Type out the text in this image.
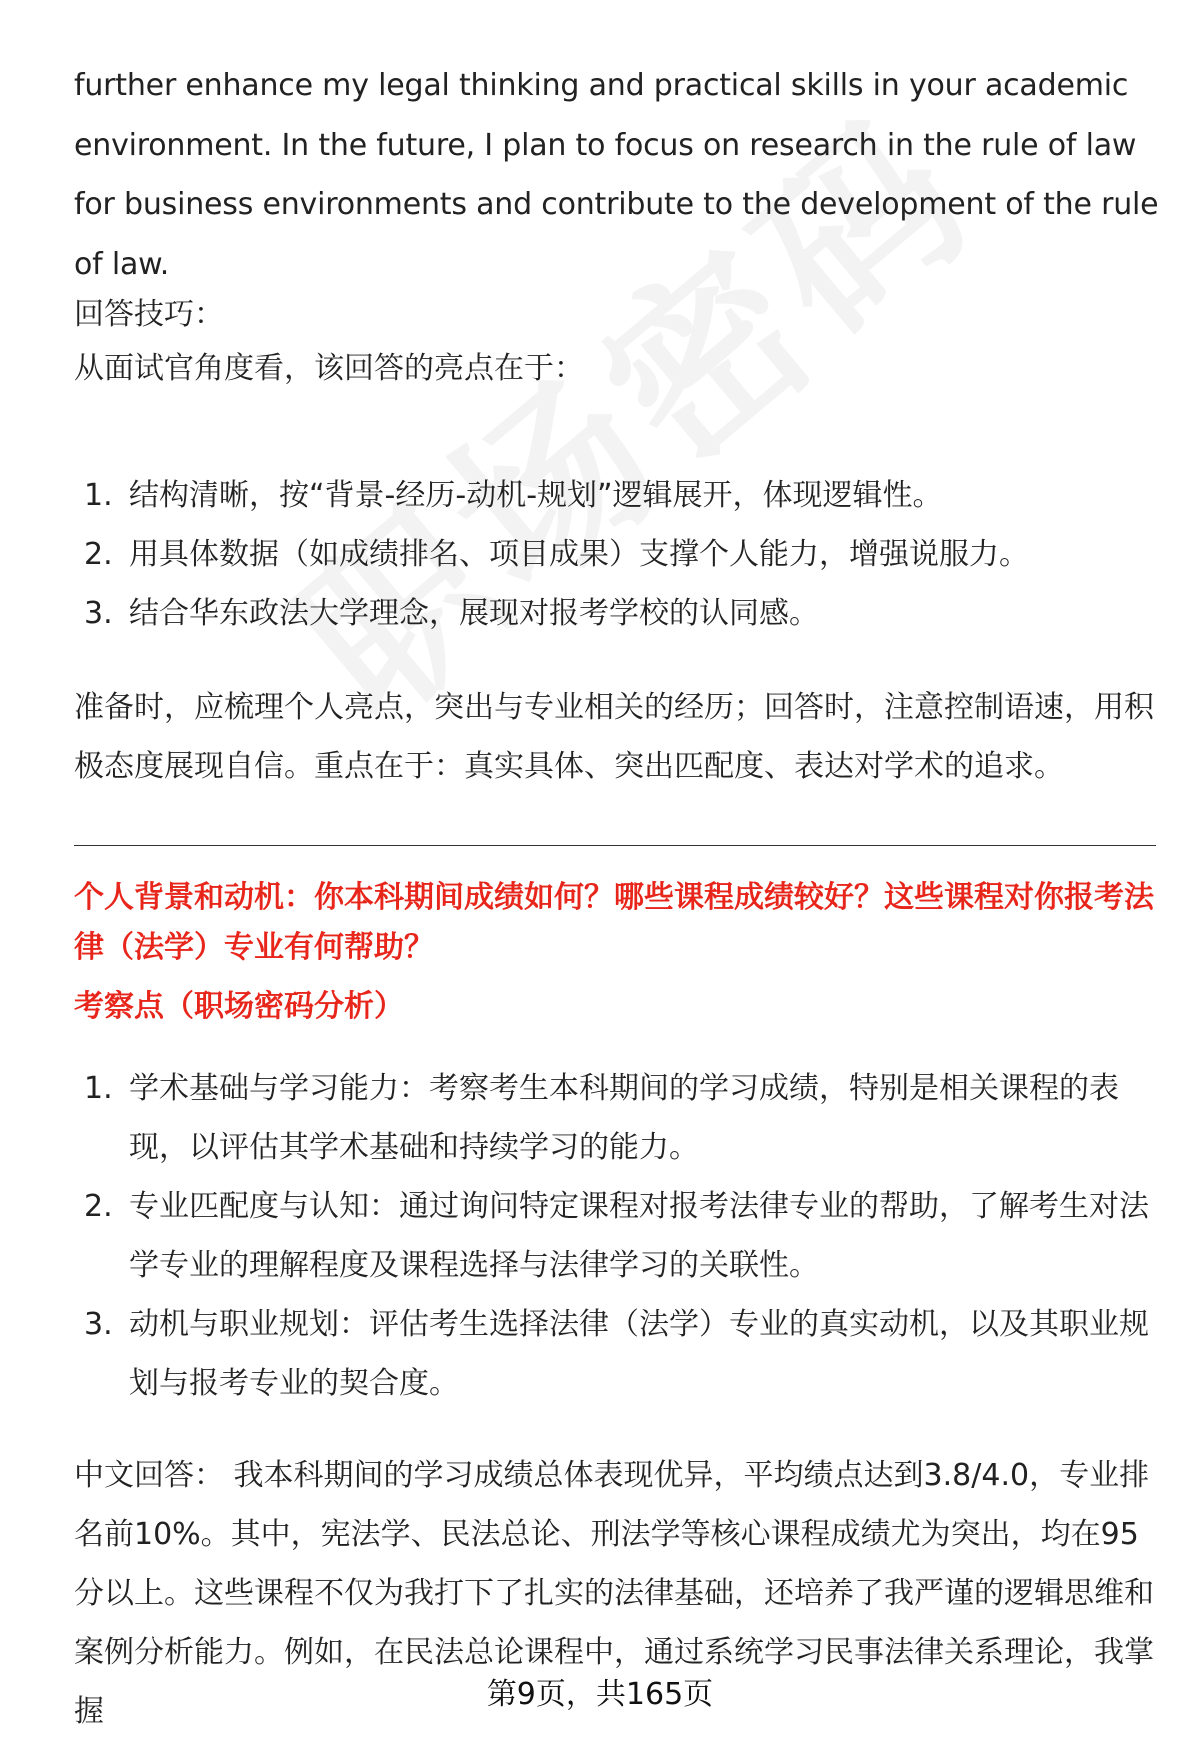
further enhance my legal thinking and practical skills in your academic environment. In the future, I plan to focus on research in the rule of law for business environments and contribute to the development of the rule of law.

回答技巧：
从面试官角度看，该回答的亮点在于：
1. 结构清晰，按“背景-经历-动机-规划”逻辑展开，体现逻辑性。
2. 用具体数据（如成绩排名、项目成果）支撑个人能力，增强说服力。
3. 结合华东政法大学理念，展现对报考学校的认同感。

准备时，应梳理个人亮点，突出与专业相关的经历；回答时，注意控制语速，用积极态度展现自信。重点在于：真实具体、突出匹配度、表达对学术的追求。

个人背景和动机：你本科期间成绩如何？哪些课程成绩较好？这些课程对你报考法律（法学）专业有何帮助？
考察点（职场密码分析）
1. 学术基础与学习能力：考察考生本科期间的学习成绩，特别是相关课程的表现，以评估其学术基础和持续学习的能力。
2. 专业匹配度与认知：通过询问特定课程对报考法律专业的帮助，了解考生对法学专业的理解程度及课程选择与法律学习的关联性。
3. 动机与职业规划：评估考生选择法律（法学）专业的真实动机，以及其职业规划与报考专业的契合度。

中文回答： 我本科期间的学习成绩总体表现优异，平均绩点达到3.8/4.0，专业排名前10%。其中，宪法学、民法总论、刑法学等核心课程成绩尤为突出，均在95分以上。这些课程不仅为我打下了扎实的法律基础，还培养了我严谨的逻辑思维和案例分析能力。例如，在民法总论课程中，通过系统学习民事法律关系理论，我掌握	第9页，共165页
